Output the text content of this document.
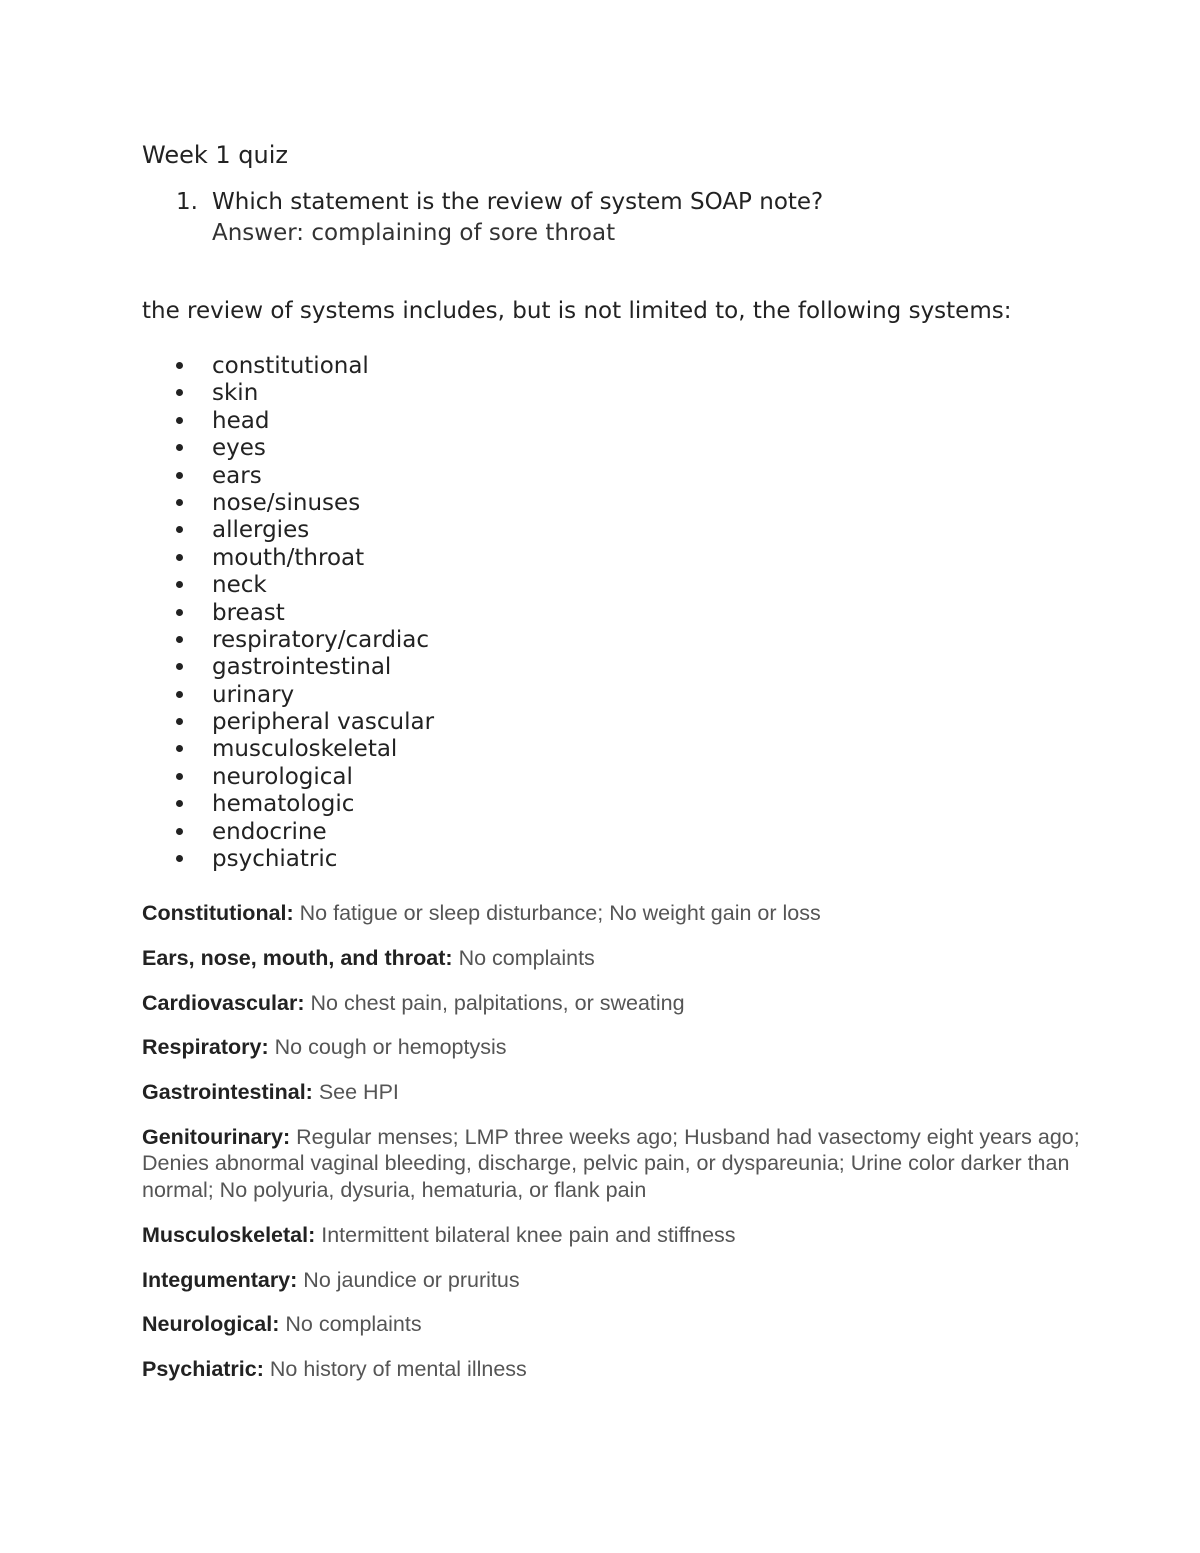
Week 1 quiz
1. Which statement is the review of system SOAP note?
Answer: complaining of sore throat
the review of systems includes, but is not limited to, the following systems:
constitutional
skin
head
eyes
ears
nose/sinuses
allergies
mouth/throat
neck
breast
respiratory/cardiac
gastrointestinal
urinary
peripheral vascular
musculoskeletal
neurological
hematologic
endocrine
psychiatric

Constitutional: No fatigue or sleep disturbance; No weight gain or loss

Ears, nose, mouth, and throat: No complaints

Cardiovascular: No chest pain, palpitations, or sweating

Respiratory: No cough or hemoptysis

Gastrointestinal: See HPI

Genitourinary: Regular menses; LMP three weeks ago; Husband had vasectomy eight years ago; Denies abnormal vaginal bleeding, discharge, pelvic pain, or dyspareunia; Urine color darker than normal; No polyuria, dysuria, hematuria, or flank pain

Musculoskeletal: Intermittent bilateral knee pain and stiffness

Integumentary: No jaundice or pruritus

Neurological: No complaints

Psychiatric: No history of mental illness
